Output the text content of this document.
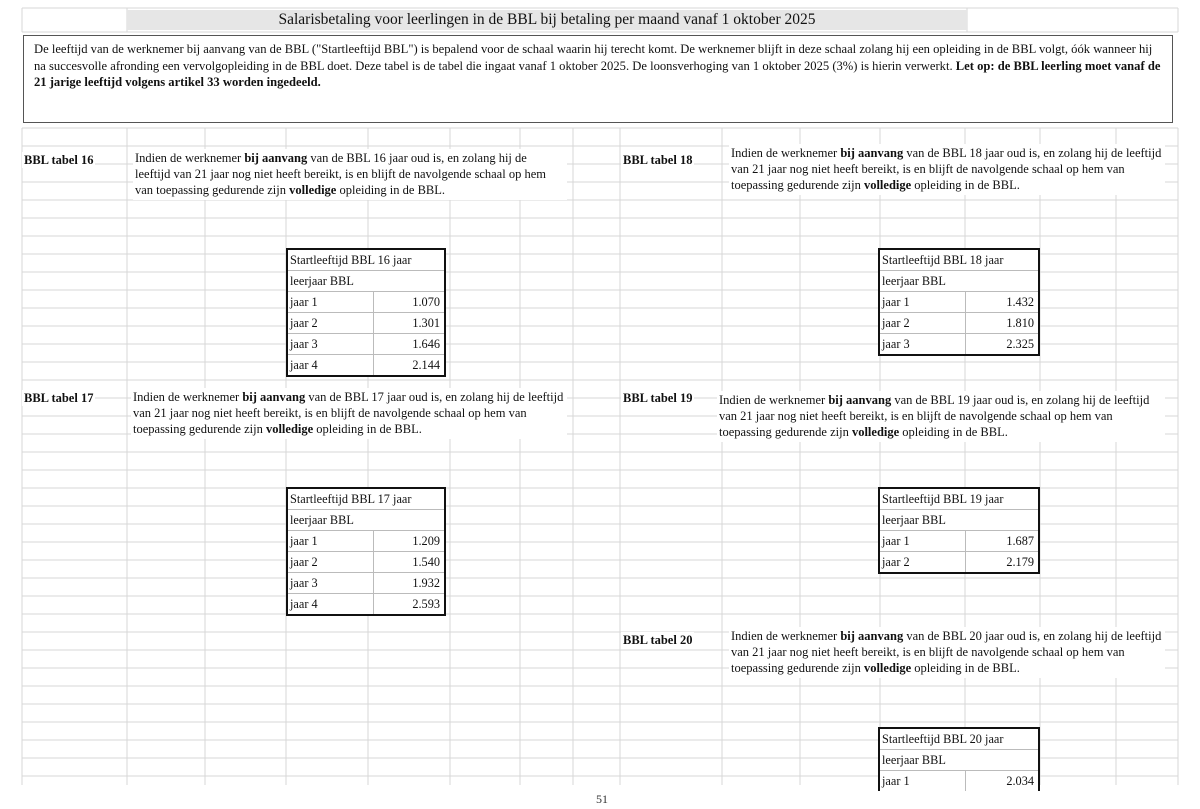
Salarisbetaling voor leerlingen in de BBL bij betaling per maand vanaf 1 oktober 2025
De leeftijd van de werknemer bij aanvang van de BBL ("Startleeftijd BBL") is bepalend voor de schaal waarin hij terecht komt. De werknemer blijft in deze schaal zolang hij een opleiding in de BBL volgt, óók wanneer hij na succesvolle afronding een vervolgopleiding in de BBL doet. Deze tabel is de tabel die ingaat vanaf 1 oktober 2025. De loonsverhoging van 1 oktober 2025 (3%) is hierin verwerkt. Let op: de BBL leerling moet vanaf de 21 jarige leeftijd volgens artikel 33 worden ingedeeld.
BBL tabel 16	Indien de werknemer bij aanvang van de BBL 16 jaar oud is, en zolang hij de leeftijd van 21 jaar nog niet heeft bereikt, is en blijft de navolgende schaal op hem van toepassing gedurende zijn volledige opleiding in de BBL.
Startleeftijd BBL 16 jaar
leerjaar BBL
jaar 1	1.070
jaar 2	1.301
jaar 3	1.646
jaar 4	2.144
BBL tabel 17	Indien de werknemer bij aanvang van de BBL 17 jaar oud is, en zolang hij de leeftijd van 21 jaar nog niet heeft bereikt, is en blijft de navolgende schaal op hem van toepassing gedurende zijn volledige opleiding in de BBL.
Startleeftijd BBL 17 jaar
leerjaar BBL
jaar 1	1.209
jaar 2	1.540
jaar 3	1.932
jaar 4	2.593
BBL tabel 18	Indien de werknemer bij aanvang van de BBL 18 jaar oud is, en zolang hij de leeftijd van 21 jaar nog niet heeft bereikt, is en blijft de navolgende schaal op hem van toepassing gedurende zijn volledige opleiding in de BBL.
Startleeftijd BBL 18 jaar
leerjaar BBL
jaar 1	1.432
jaar 2	1.810
jaar 3	2.325
BBL tabel 19 Indien de werknemer bij aanvang van de BBL 19 jaar oud is, en zolang hij de leeftijd van 21 jaar nog niet heeft bereikt, is en blijft de navolgende schaal op hem van toepassing gedurende zijn volledige opleiding in de BBL.
Startleeftijd BBL 19 jaar
leerjaar BBL
jaar 1	1.687
jaar 2	2.179
BBL tabel 20	Indien de werknemer bij aanvang van de BBL 20 jaar oud is, en zolang hij de leeftijd van 21 jaar nog niet heeft bereikt, is en blijft de navolgende schaal op hem van toepassing gedurende zijn volledige opleiding in de BBL.
Startleeftijd BBL 20 jaar
leerjaar BBL
jaar 1	2.034
51
